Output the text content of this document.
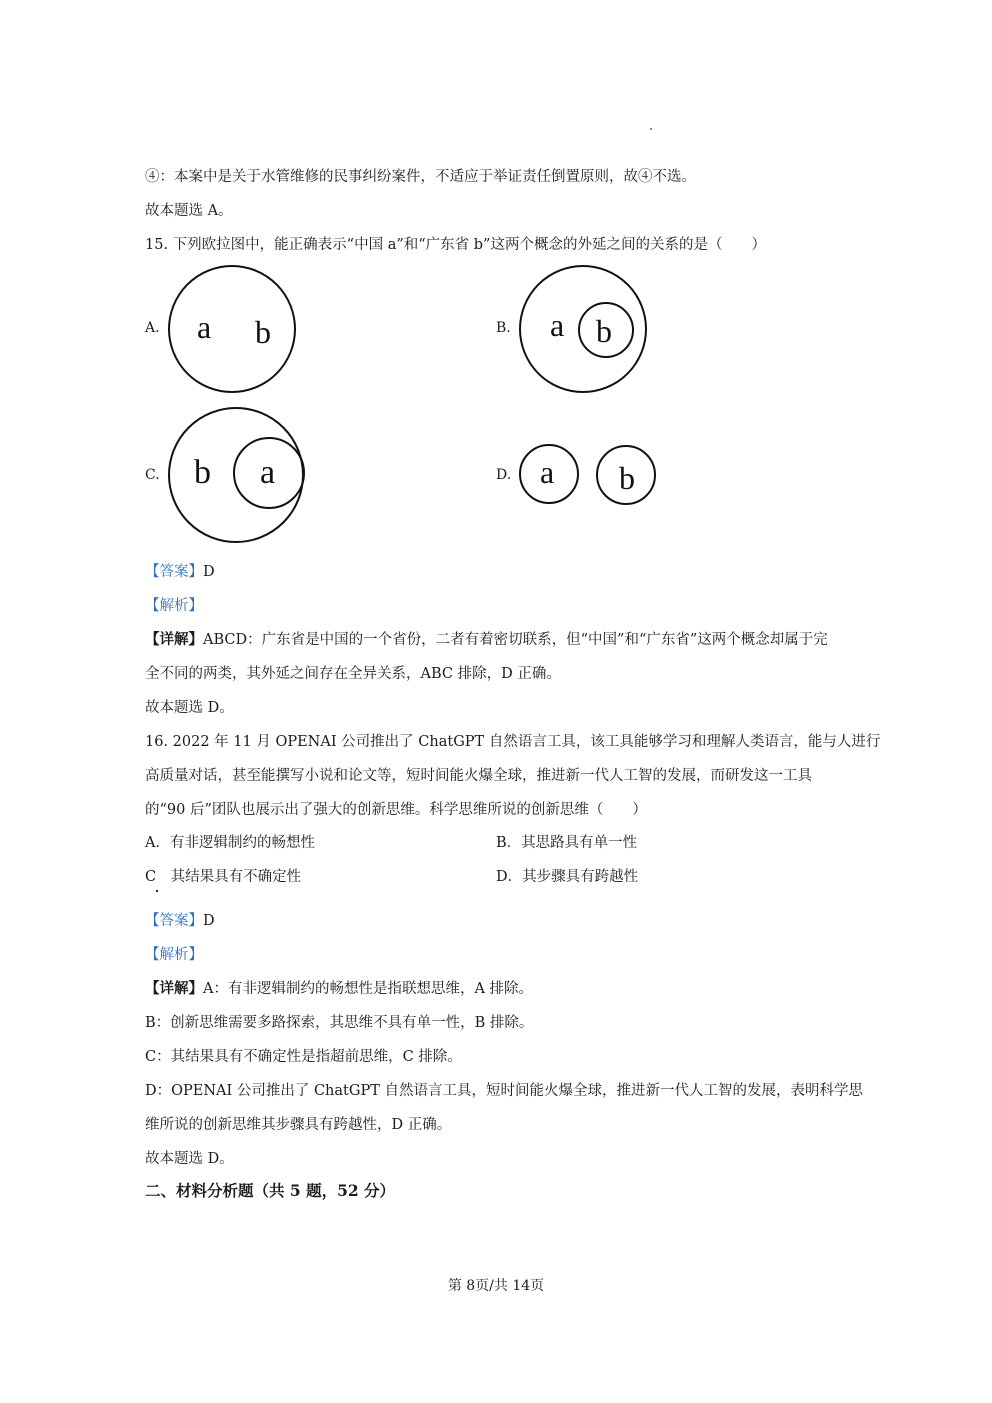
④：本案中是关于水管维修的民事纠纷案件，不适应于举证责任倒置原则，故④不选。
故本题选 A。
15. 下列欧拉图中，能正确表示“中国 a”和“广东省 b”这两个概念的外延之间的关系的是（　　）
A. a b	B. a b
C. b a	D. a b
【答案】D
【解析】
【详解】ABCD：广东省是中国的一个省份，二者有着密切联系，但“中国”和“广东省”这两个概念却属于完
全不同的两类，其外延之间存在全异关系，ABC 排除，D 正确。
故本题选 D。
16. 2022 年 11 月 OPENAI 公司推出了 ChatGPT 自然语言工具，该工具能够学习和理解人类语言，能与人进行
高质量对话，甚至能撰写小说和论文等，短时间能火爆全球，推进新一代人工智的发展，而研发这一工具
的“90 后”团队也展示出了强大的创新思维。科学思维所说的创新思维（　　）
A．有非逻辑制约的畅想性	B．其思路具有单一性
C　其结果具有不确定性	D．其步骤具有跨越性
【答案】D
【解析】
【详解】A：有非逻辑制约的畅想性是指联想思维，A 排除。
B：创新思维需要多路探索，其思维不具有单一性，B 排除。
C：其结果具有不确定性是指超前思维，C 排除。
D：OPENAI 公司推出了 ChatGPT 自然语言工具，短时间能火爆全球，推进新一代人工智的发展，表明科学思
维所说的创新思维其步骤具有跨越性，D 正确。
故本题选 D。
二、材料分析题（共 5 题，52 分）
第 8页/共 14页
